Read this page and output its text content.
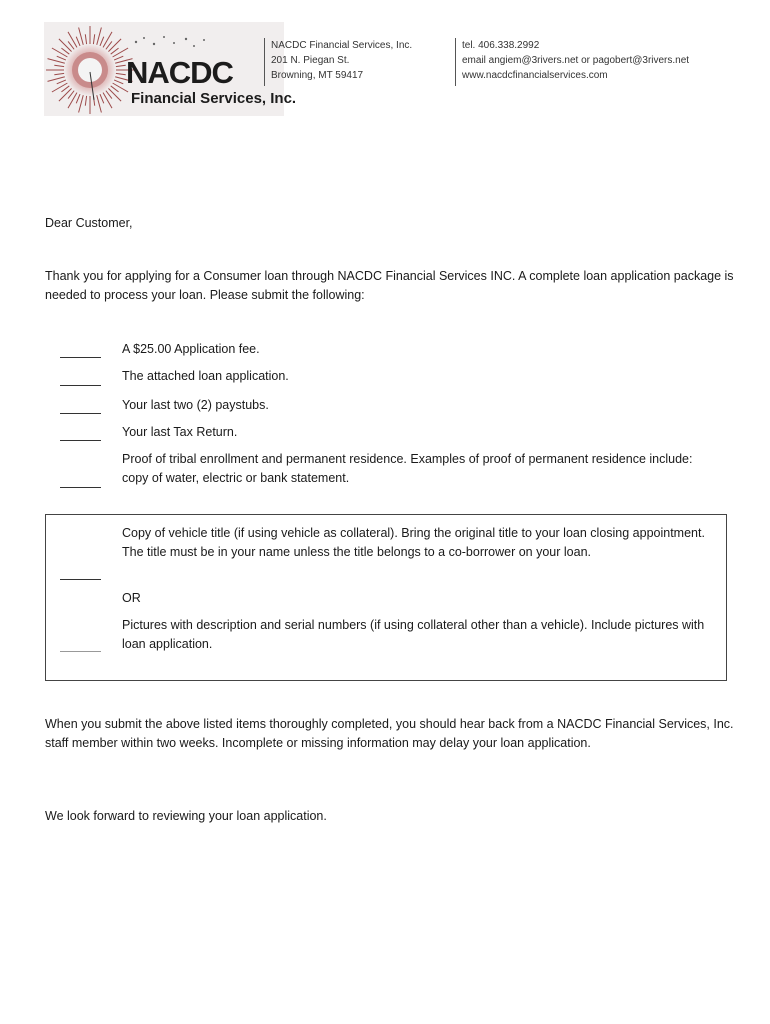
NACDC
Financial Services, Inc.
NACDC Financial Services, Inc.
201 N. Piegan St.
Browning, MT 59417
tel. 406.338.2992
email angiem@3rivers.net or pagobert@3rivers.net
www.nacdcfinancialservices.com
Dear Customer,
Thank you for applying for a Consumer loan through NACDC Financial Services INC. A complete loan application package is needed to process your loan. Please submit the following:
A $25.00 Application fee.
The attached loan application.
Your last two (2) paystubs.
Your last Tax Return.
Proof of tribal enrollment and permanent residence. Examples of proof of permanent residence include: copy of water, electric or bank statement.
Copy of vehicle title (if using vehicle as collateral). Bring the original title to your loan closing appointment. The title must be in your name unless the title belongs to a co-borrower on your loan.
OR
Pictures with description and serial numbers (if using collateral other than a vehicle). Include pictures with loan application.
When you submit the above listed items thoroughly completed, you should hear back from a NACDC Financial Services, Inc. staff member within two weeks. Incomplete or missing information may delay your loan application.
We look forward to reviewing your loan application.
